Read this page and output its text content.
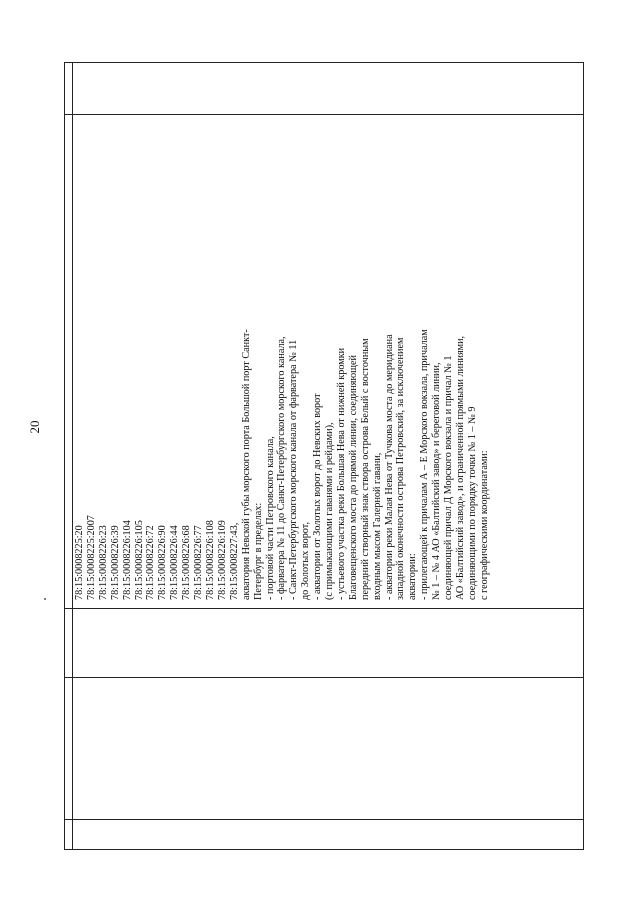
20
78:15:0008225:20 78:15:0008225:2007 78:15:0008226:23 78:15:0008226:39 78:15:0008226:104 78:15:0008226:105 78:15:0008226:72 78:15:0008226:90 78:15:0008226:44 78:15:0008226:68 78:15:0008226:77 78:15:0008226:108 78:15:0008226:109 78:15:0008227:43, акватория Невской губы морского порта Большой порт Санкт- Петербург в пределах: - портовой части Петровского канала, - фарватера № 11 до Санкт-Петербургского морского канала, - Санкт-Петербургского морского канала от фарватера № 11 до Золотых ворот, - акватории от Золотых ворот до Невских ворот (с примыкающими гаванями и рейдами), - устьевого участка реки Большая Нева от нижней кромки Благовещенского моста до прямой линии, соединяющей передний створный знак створа острова Белый с восточным входным мысом Галерной гавани, - акватории реки Малая Нева от Тучкова моста до меридиана западной оконечности острова Петровский, за исключением акватории: - прилегающей к причалам А – Е Морского вокзала, причалам № 1 – № 4 АО «Балтийский завод» и береговой линии, соединяющей причал Д Морского вокзала и причал № 1 АО «Балтийский завод», и ограниченной прямыми линиями, соединяющими по порядку точки № 1 – № 9 с географическими координатами:
